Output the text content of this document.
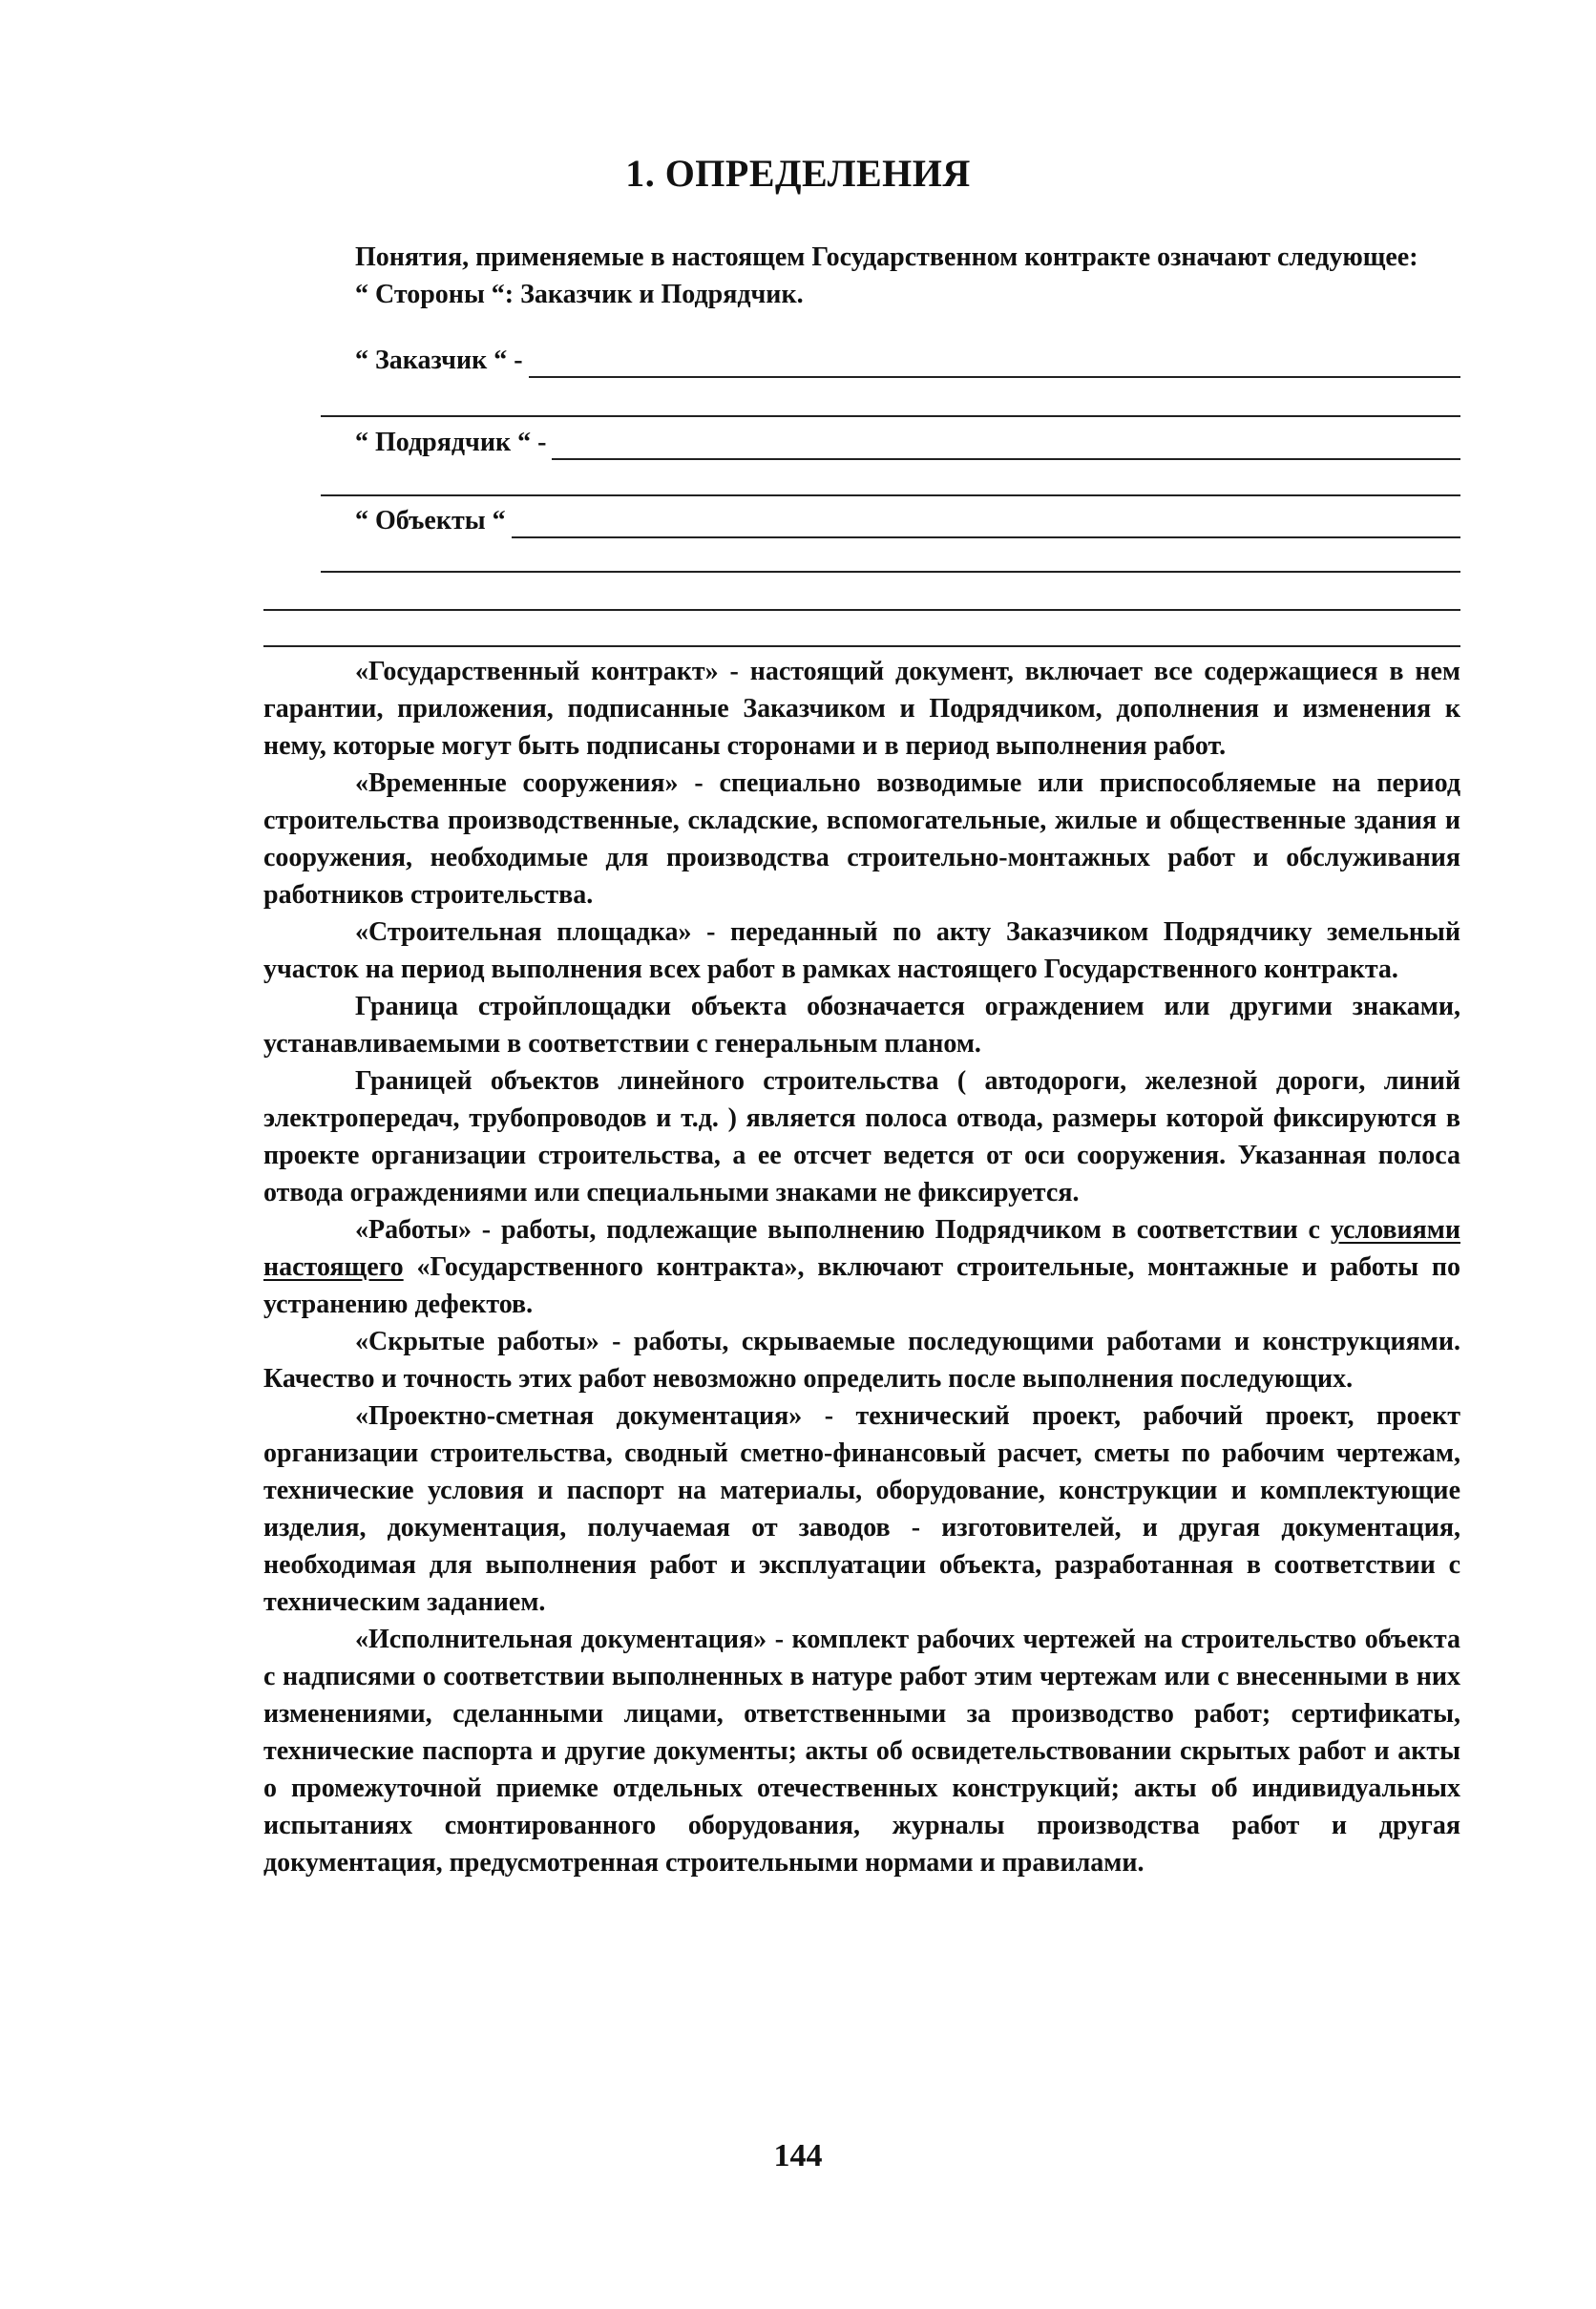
1. ОПРЕДЕЛЕНИЯ

Понятия, применяемые в настоящем Государственном контракте означают следующее:

“ Стороны “: Заказчик и Подрядчик.

“ Заказчик “ -
“ Подрядчик “ -
“ Объекты “

«Государственный контракт» - настоящий документ, включает все содержащиеся в нем гарантии, приложения, подписанные Заказчиком и Подрядчиком, дополнения и изменения к нему, которые могут быть подписаны сторонами и в период выполнения работ.

«Временные сооружения» - специально возводимые или приспособляемые на период строительства производственные, складские, вспомогательные, жилые и общественные здания и сооружения, необходимые для производства строительно-монтажных работ и обслуживания работников строительства.

«Строительная площадка» - переданный по акту Заказчиком Подрядчику земельный участок на период выполнения всех работ в рамках настоящего Государственного контракта.

Граница стройплощадки объекта обозначается ограждением или другими знаками, устанавливаемыми в соответствии с генеральным планом.

Границей объектов линейного строительства ( автодороги, железной дороги, линий электропередач, трубопроводов и т.д. ) является полоса отвода, размеры которой фиксируются в проекте организации строительства, а ее отсчет ведется от оси сооружения. Указанная полоса отвода ограждениями или специальными знаками не фиксируется.

«Работы» - работы, подлежащие выполнению Подрядчиком в соответствии с условиями настоящего «Государственного контракта», включают строительные, монтажные и работы по устранению дефектов.

«Скрытые работы» - работы, скрываемые последующими работами и конструкциями. Качество и точность этих работ невозможно определить после выполнения последующих.

«Проектно-сметная документация» - технический проект, рабочий проект, проект организации строительства, сводный сметно-финансовый расчет, сметы по рабочим чертежам, технические условия и паспорт на материалы, оборудование, конструкции и комплектующие изделия, документация, получаемая от заводов - изготовителей, и другая документация, необходимая для выполнения работ и эксплуатации объекта, разработанная в соответствии с техническим заданием.

«Исполнительная документация» - комплект рабочих чертежей на строительство объекта с надписями о соответствии выполненных в натуре работ этим чертежам или с внесенными в них изменениями, сделанными лицами, ответственными за производство работ; сертификаты, технические паспорта и другие документы; акты об освидетельствовании скрытых работ и акты о промежуточной приемке отдельных отечественных конструкций; акты об индивидуальных испытаниях смонтированного оборудования, журналы производства работ и другая документация, предусмотренная строительными нормами и правилами.

144
